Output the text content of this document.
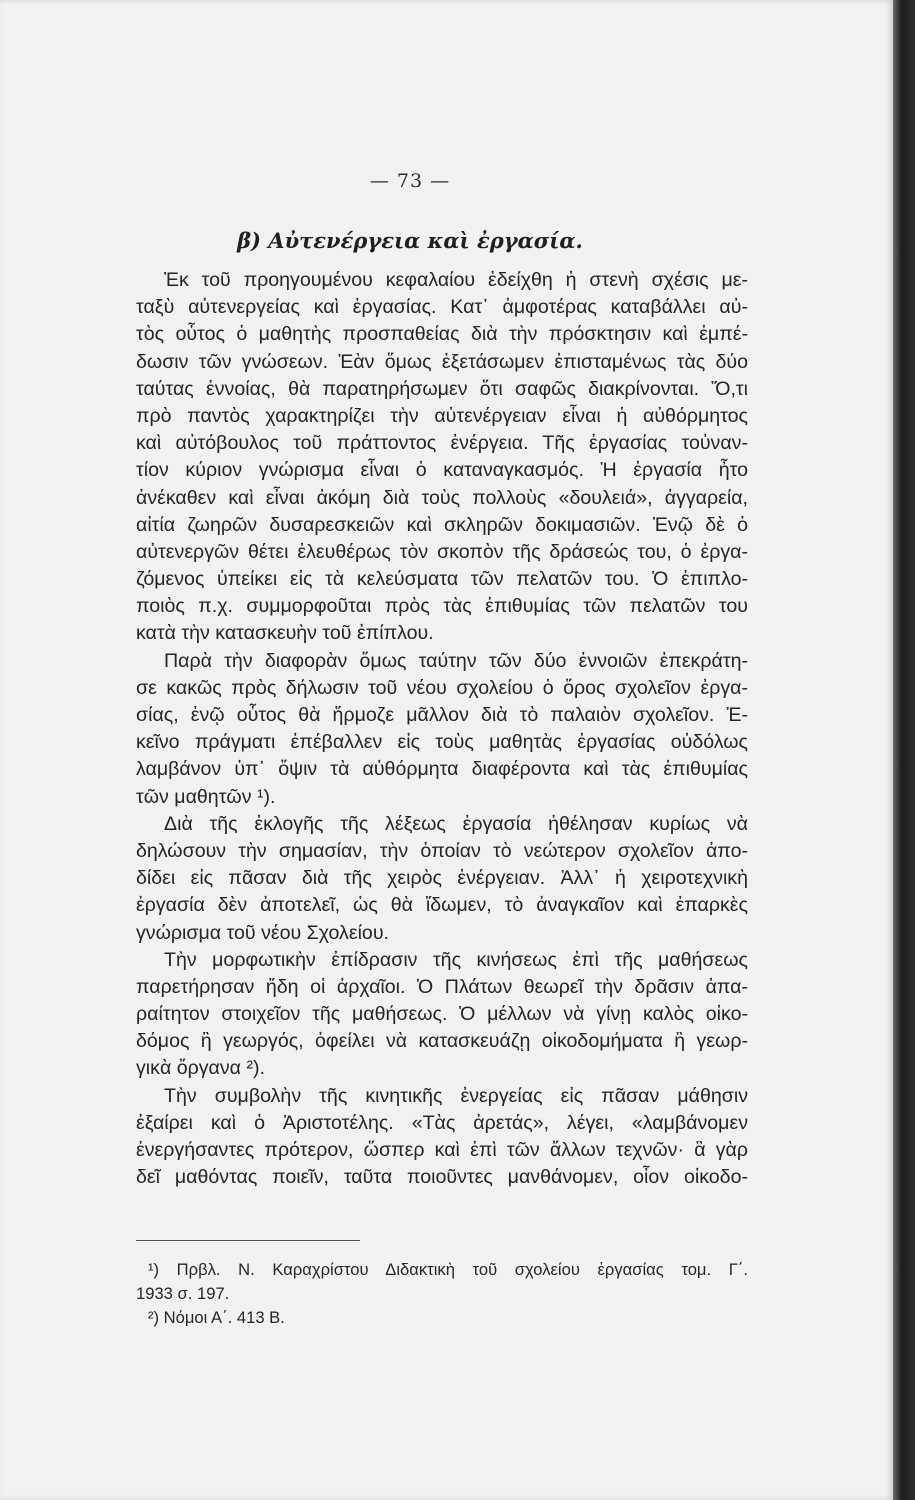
— 73 —
β) Αὐτενέργεια καὶ ἐργασία.
Ἐκ τοῦ προηγουμένου κεφαλαίου ἐδείχθη ἡ στενὴ σχέσις με-
ταξὺ αὐτενεργείας καὶ ἐργασίας. Κατ᾽ ἀμφοτέρας καταβάλλει αὐ-
τὸς οὗτος ὁ μαθητὴς προσπαθείας διὰ τὴν πρόσκτησιν καὶ ἐμπέ-
δωσιν τῶν γνώσεων. Ἐὰν ὅμως ἐξετάσωμεν ἐπισταμένως τὰς δύο
ταύτας ἐννοίας, θὰ παρατηρήσωμεν ὅτι σαφῶς διακρίνονται. Ὅ,τι
πρὸ παντὸς χαρακτηρίζει τὴν αὐτενέργειαν εἶναι ἡ αὐθόρμητος
καὶ αὐτόβουλος τοῦ πράττοντος ἐνέργεια. Τῆς ἐργασίας τοὐναν-
τίον κύριον γνώρισμα εἶναι ὁ καταναγκασμός. Ἡ ἐργασία ἦτο
ἀνέκαθεν καὶ εἶναι ἀκόμη διὰ τοὺς πολλοὺς «δουλειά», ἀγγαρεία,
αἰτία ζωηρῶν δυσαρεσκειῶν καὶ σκληρῶν δοκιμασιῶν. Ἐνῷ δὲ ὁ
αὐτενεργῶν θέτει ἐλευθέρως τὸν σκοπὸν τῆς δράσεώς του, ὁ ἐργα-
ζόμενος ὑπείκει εἰς τὰ κελεύσματα τῶν πελατῶν του. Ὁ ἐπιπλο-
ποιὸς π.χ. συμμορφοῦται πρὸς τὰς ἐπιθυμίας τῶν πελατῶν του
κατὰ τὴν κατασκευὴν τοῦ ἐπίπλου.
Παρὰ τὴν διαφορὰν ὅμως ταύτην τῶν δύο ἐννοιῶν ἐπεκράτη-
σε κακῶς πρὸς δήλωσιν τοῦ νέου σχολείου ὁ ὅρος σχολεῖον ἐργα-
σίας, ἐνῷ οὗτος θὰ ἥρμοζε μᾶλλον διὰ τὸ παλαιὸν σχολεῖον. Ἐ-
κεῖνο πράγματι ἐπέβαλλεν εἰς τοὺς μαθητὰς ἐργασίας οὐδόλως
λαμβάνον ὑπ᾽ ὄψιν τὰ αὐθόρμητα διαφέροντα καὶ τὰς ἐπιθυμίας
τῶν μαθητῶν ¹).
Διὰ τῆς ἐκλογῆς τῆς λέξεως ἐργασία ἠθέλησαν κυρίως νὰ
δηλώσουν τὴν σημασίαν, τὴν ὁποίαν τὸ νεώτερον σχολεῖον ἀπο-
δίδει εἰς πᾶσαν διὰ τῆς χειρὸς ἐνέργειαν. Ἀλλ᾽ ἡ χειροτεχνικὴ
ἐργασία δὲν ἀποτελεῖ, ὡς θὰ ἴδωμεν, τὸ ἀναγκαῖον καὶ ἐπαρκὲς
γνώρισμα τοῦ νέου Σχολείου.
Τὴν μορφωτικὴν ἐπίδρασιν τῆς κινήσεως ἐπὶ τῆς μαθήσεως
παρετήρησαν ἤδη οἱ ἀρχαῖοι. Ὁ Πλάτων θεωρεῖ τὴν δρᾶσιν ἀπα-
ραίτητον στοιχεῖον τῆς μαθήσεως. Ὁ μέλλων νὰ γίνῃ καλὸς οἰκο-
δόμος ἢ γεωργός, ὀφείλει νὰ κατασκευάζῃ οἰκοδομήματα ἢ γεωρ-
γικὰ ὄργανα ²).
Τὴν συμβολὴν τῆς κινητικῆς ἐνεργείας εἰς πᾶσαν μάθησιν
ἐξαίρει καὶ ὁ Ἀριστοτέλης. «Τὰς ἀρετάς», λέγει, «λαμβάνομεν
ἐνεργήσαντες πρότερον, ὥσπερ καὶ ἐπὶ τῶν ἄλλων τεχνῶν· ἃ γὰρ
δεῖ μαθόντας ποιεῖν, ταῦτα ποιοῦντες μανθάνομεν, οἷον οἰκοδο-
¹) Πρβλ. Ν. Καραχρίστου Διδακτικὴ τοῦ σχολείου ἐργασίας τομ. Γ΄.
1933 σ. 197.
²) Νόμοι Α΄. 413 Β.
